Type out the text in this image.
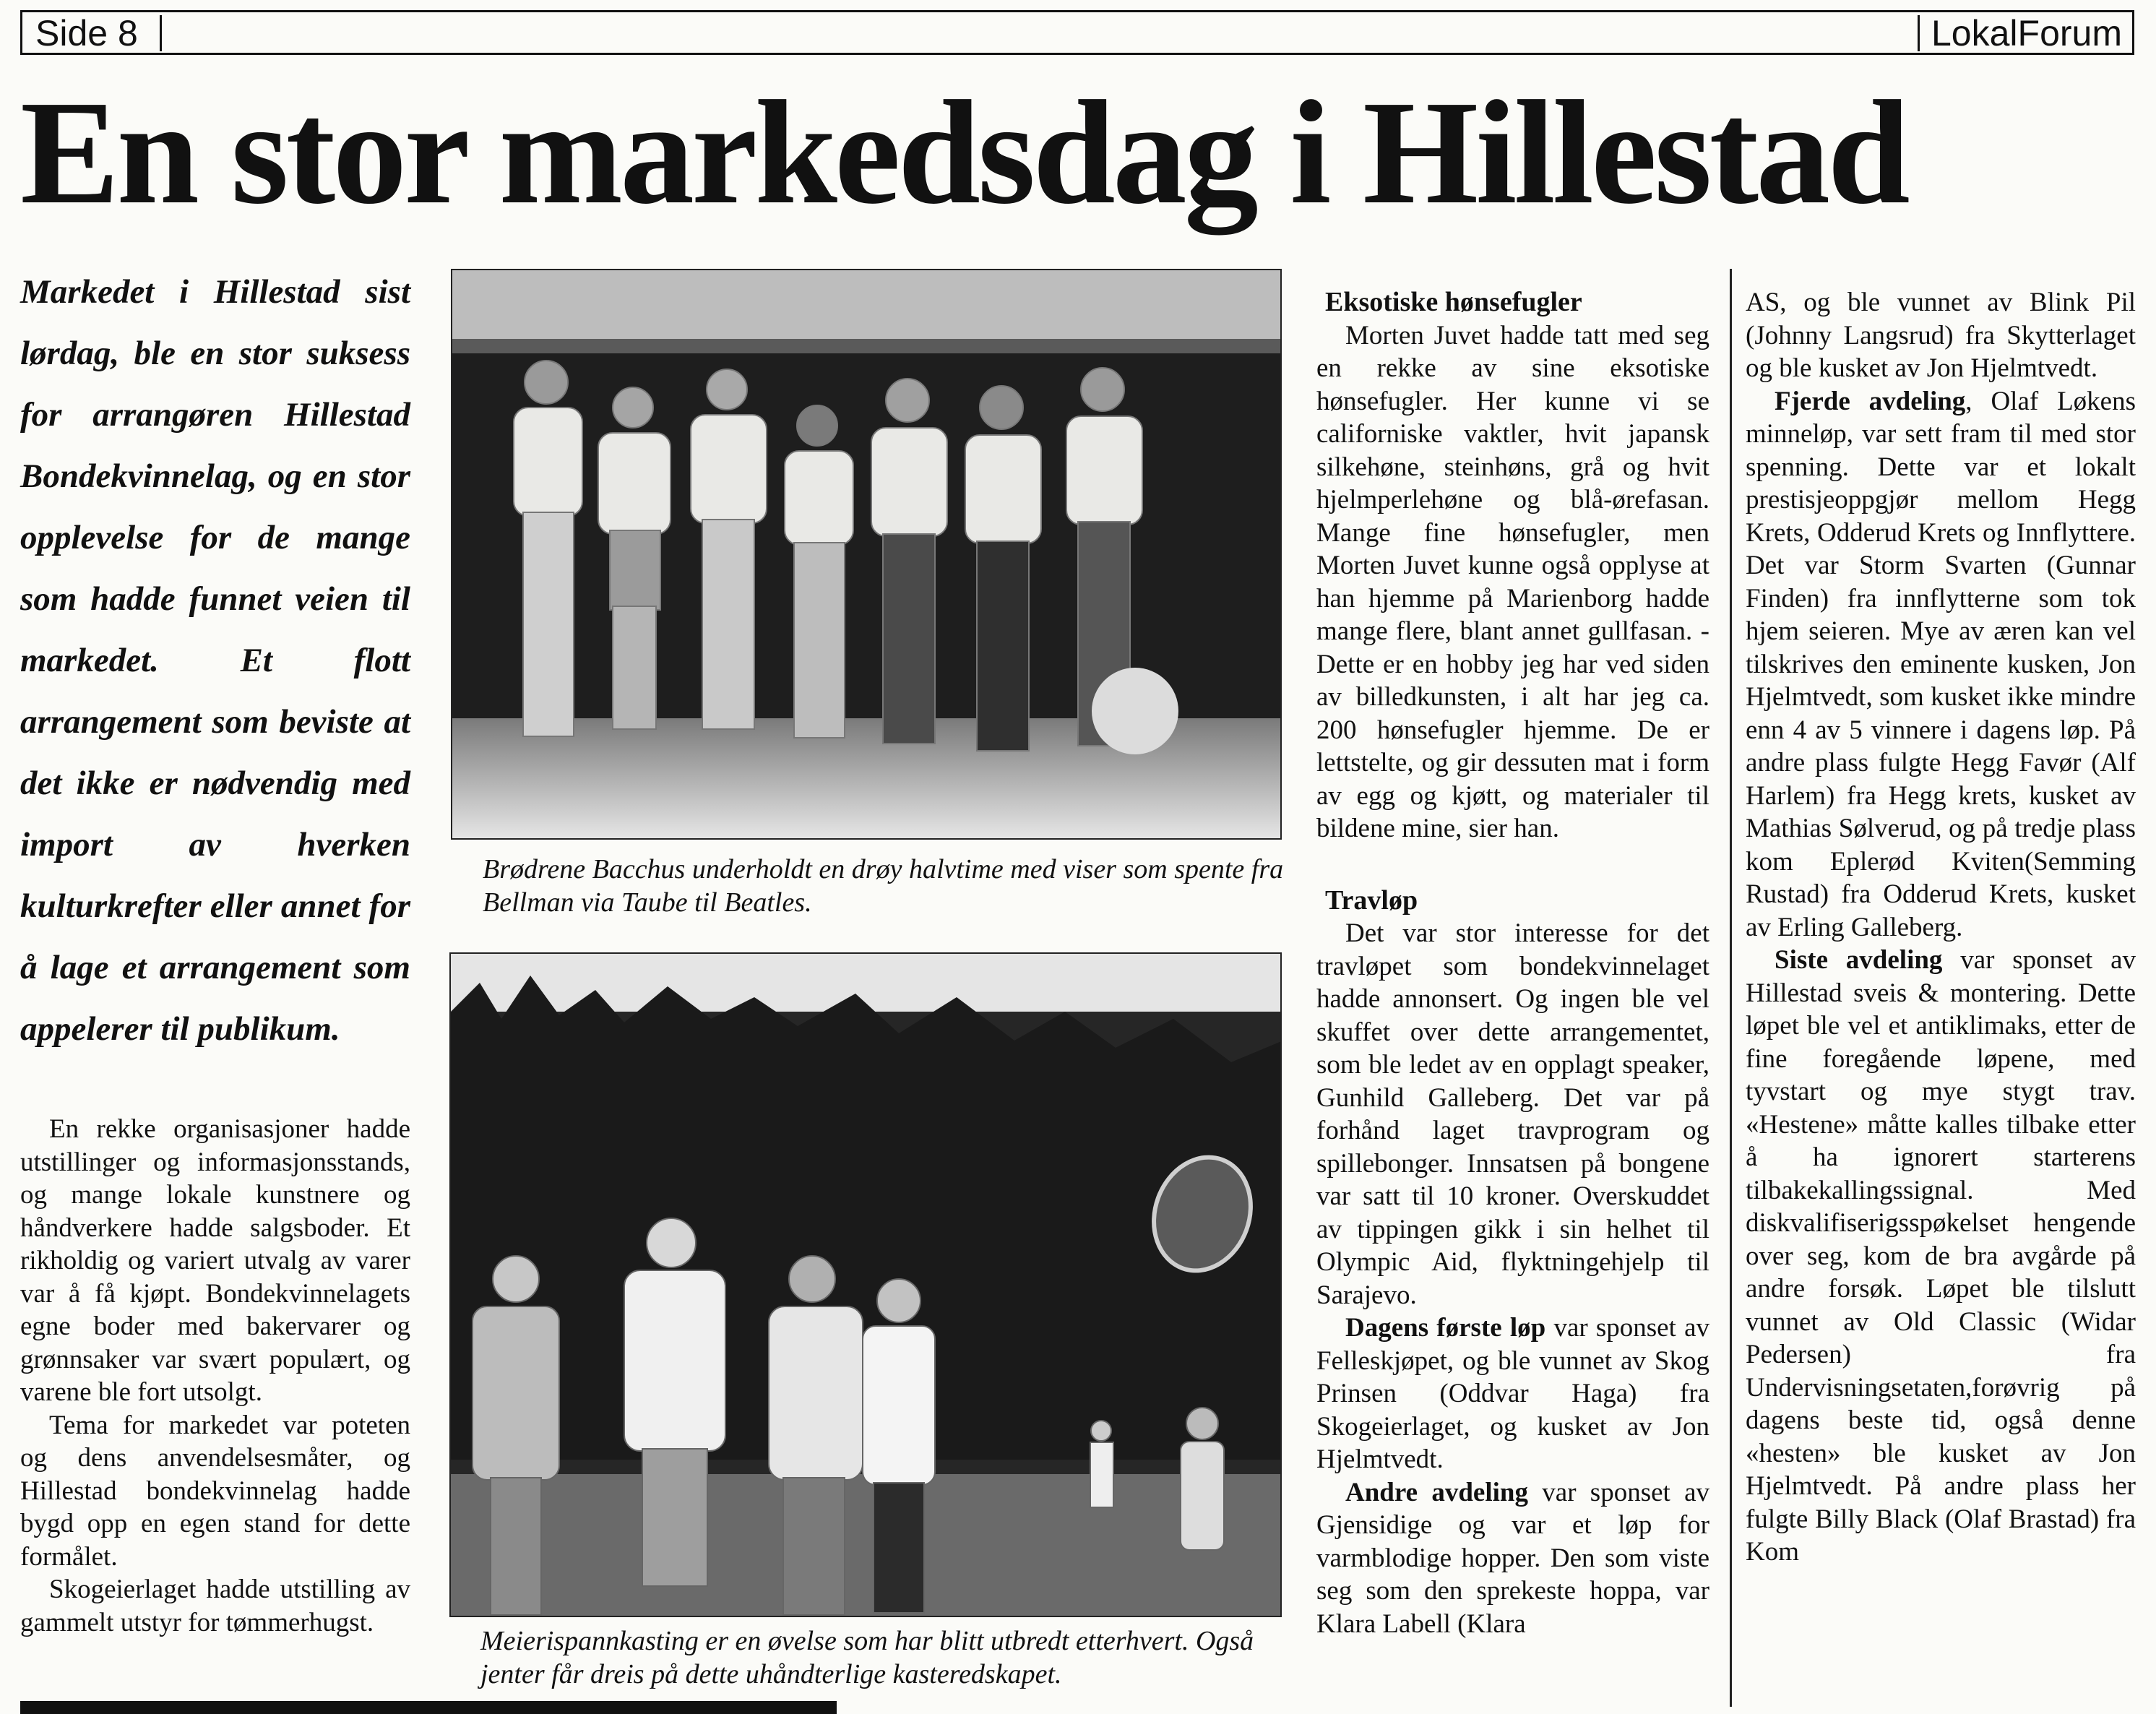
Side 8	LokalForum
En stor markedsdag i Hillestad

Markedet i Hillestad sist lørdag, ble en stor suksess for arrangøren Hillestad Bondekvinnelag, og en stor opplevelse for de mange som hadde funnet veien til markedet. Et flott arrangement som beviste at det ikke er nødvendig med import av hverken kulturkrefter eller annet for å lage et arrangement som appelerer til publikum.

En rekke organisasjoner hadde utstillinger og informasjonsstands, og mange lokale kunstnere og håndverkere hadde salgsboder. Et rikholdig og variert utvalg av varer var å få kjøpt. Bondekvinnelagets egne boder med bakervarer og grønnsaker var svært populært, og varene ble fort utsolgt.

Tema for markedet var poteten og dens anvendelsesmåter, og Hillestad bondekvinnelag hadde bygd opp en egen stand for dette formålet.

Skogeierlaget hadde utstilling av gammelt utstyr for tømmerhugst.

Brødrene Bacchus underholdt en drøy halvtime med viser som spente fra Bellman via Taube til Beatles.
Meierispannkasting er en øvelse som har blitt utbredt etterhvert. Også jenter får dreis på dette uhåndterlige kasteredskapet.
Eksotiske hønsefugler

Morten Juvet hadde tatt med seg en rekke av sine eksotiske hønsefugler. Her kunne vi se californiske vaktler, hvit japansk silkehøne, steinhøns, grå og hvit hjelmperlehøne og blå-ørefasan. Mange fine hønsefugler, men Morten Juvet kunne også opplyse at han hjemme på Marienborg hadde mange flere, blant annet gullfasan. -Dette er en hobby jeg har ved siden av billedkunsten, i alt har jeg ca. 200 hønsefugler hjemme. De er lettstelte, og gir dessuten mat i form av egg og kjøtt, og materialer til bildene mine, sier han.

Travløp

Det var stor interesse for det travløpet som bondekvinnelaget hadde annonsert. Og ingen ble vel skuffet over dette arrangementet, som ble ledet av en opplagt speaker, Gunhild Galleberg. Det var på forhånd laget travprogram og spillebonger. Innsatsen på bongene var satt til 10 kroner. Overskuddet av tippingen gikk i sin helhet til Olympic Aid, flyktningehjelp til Sarajevo.

Dagens første løp var sponset av Felleskjøpet, og ble vunnet av Skog Prinsen (Oddvar Haga) fra Skogeierlaget, og kusket av Jon Hjelmtvedt.

Andre avdeling var sponset av Gjensidige og var et løp for varmblodige hopper. Den som viste seg som den sprekeste hoppa, var Klara Labell (Klara

AS, og ble vunnet av Blink Pil (Johnny Langsrud) fra Skytterlaget og ble kusket av Jon Hjelmtvedt.

Fjerde avdeling, Olaf Løkens minneløp, var sett fram til med stor spenning. Dette var et lokalt prestisjeoppgjør mellom Hegg Krets, Odderud Krets og Innflyttere. Det var Storm Svarten (Gunnar Finden) fra innflytterne som tok hjem seieren. Mye av æren kan vel tilskrives den eminente kusken, Jon Hjelmtvedt, som kusket ikke mindre enn 4 av 5 vinnere i dagens løp. På andre plass fulgte Hegg Favør (Alf Harlem) fra Hegg krets, kusket av Mathias Sølverud, og på tredje plass kom Eplerød Kviten(Semming Rustad) fra Odderud Krets, kusket av Erling Galleberg.

Siste avdeling var sponset av Hillestad sveis & montering. Dette løpet ble vel et antiklimaks, etter de fine foregående løpene, med tyvstart og mye stygt trav. «Hestene» måtte kalles tilbake etter å ha ignorert starterens tilbakekallingssignal. Med diskvalifiserigsspøkelset hengende over seg, kom de bra avgårde på andre forsøk. Løpet ble tilslutt vunnet av Old Classic (Widar Pedersen) fra Undervisningsetaten,forøvrig på dagens beste tid, også denne «hesten» ble kusket av Jon Hjelmtvedt. På andre plass her fulgte Billy Black (Olaf Brastad) fra Kom
